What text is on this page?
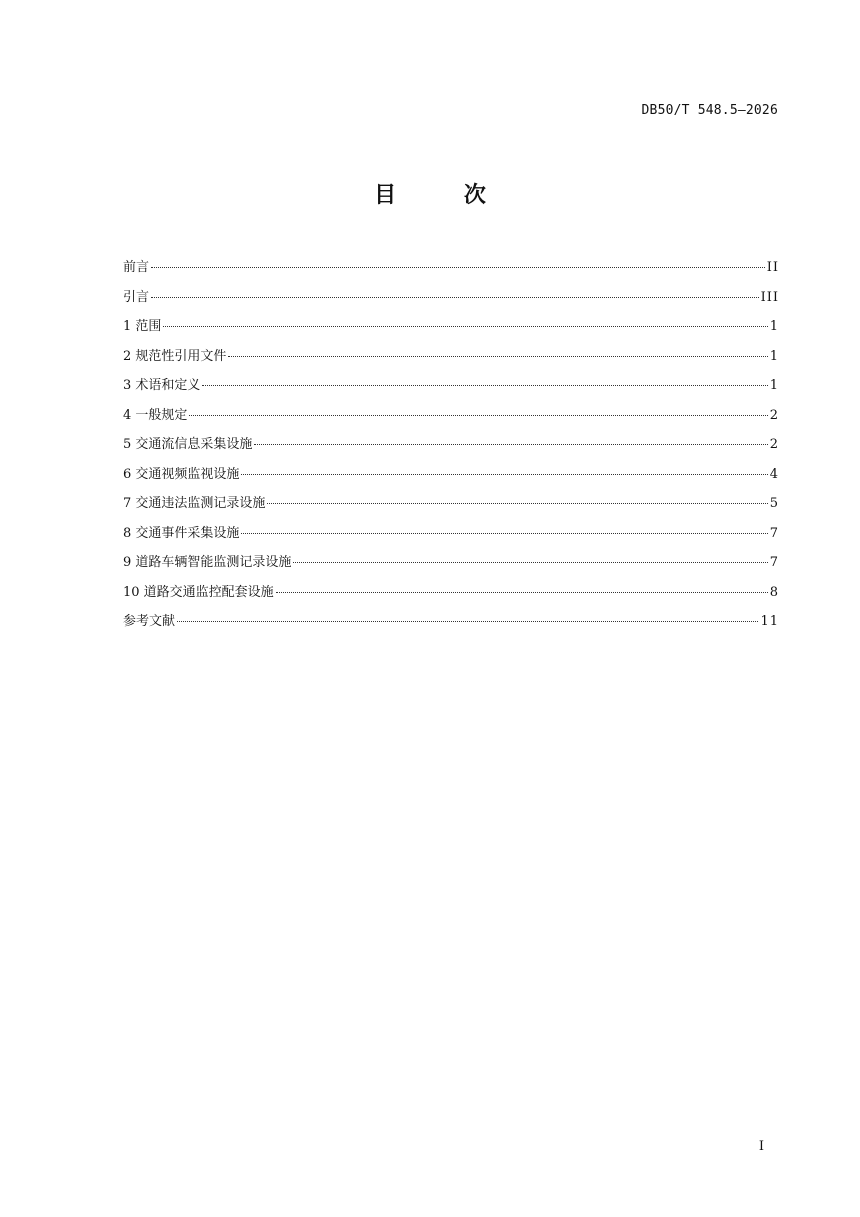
DB50/T 548.5—2026
目 次
前言	II
引言	III
1 范围	1
2 规范性引用文件	1
3 术语和定义	1
4 一般规定	2
5 交通流信息采集设施	2
6 交通视频监视设施	4
7 交通违法监测记录设施	5
8 交通事件采集设施	7
9 道路车辆智能监测记录设施	7
10 道路交通监控配套设施	8
参考文献	11
I
